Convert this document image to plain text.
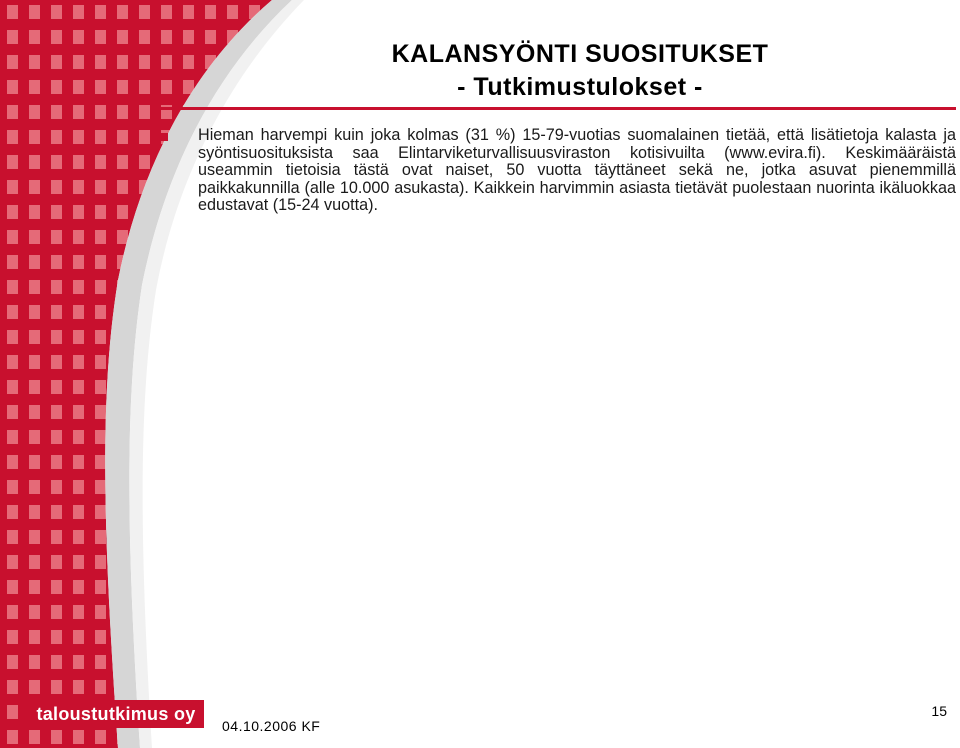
KALANSYÖNTI SUOSITUKSET
- Tutkimustulokset -
Hieman harvempi kuin joka kolmas (31 %) 15-79-vuotias suomalainen tietää, että lisätietoja kalasta ja syöntisuosituksista saa Elintarviketurvallisuusviraston kotisivuilta (www.evira.fi). Keskimääräistä useammin tietoisia tästä ovat naiset, 50 vuotta täyttäneet sekä ne, jotka asuvat pienemmillä paikkakunnilla (alle 10.000 asukasta). Kaikkein harvimmin asiasta tietävät puolestaan nuorinta ikäluokkaa edustavat (15-24 vuotta).
taloustutkimus oy
04.10.2006 KF
15
